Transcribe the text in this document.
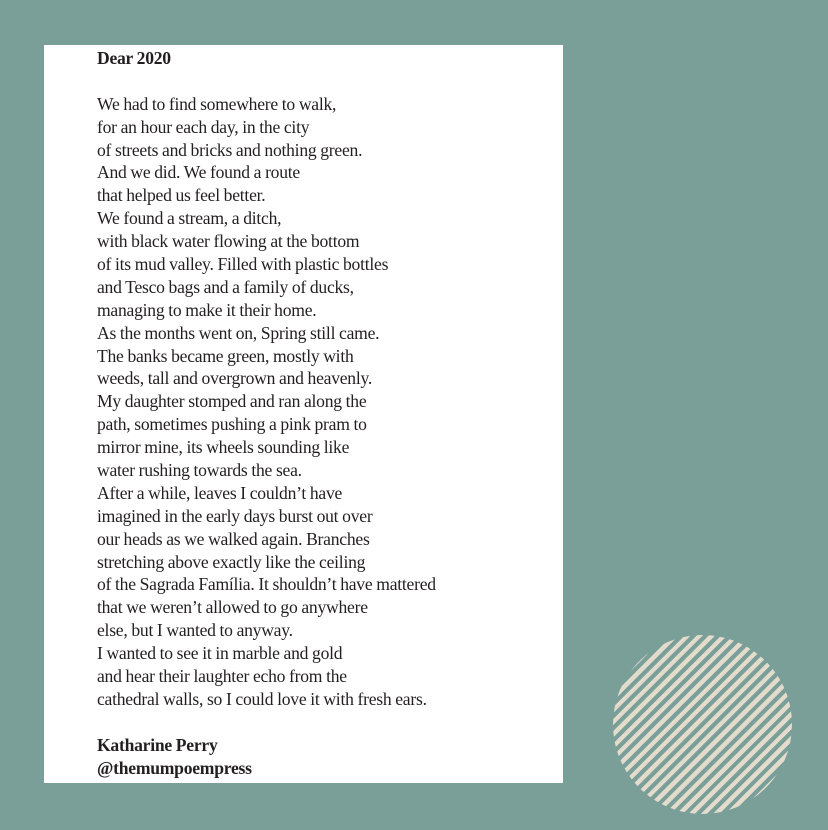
Dear 2020
We had to find somewhere to walk,
for an hour each day, in the city
of streets and bricks and nothing green.
And we did. We found a route
that helped us feel better.
We found a stream, a ditch,
with black water flowing at the bottom
of its mud valley. Filled with plastic bottles
and Tesco bags and a family of ducks,
managing to make it their home.
As the months went on, Spring still came.
The banks became green, mostly with
weeds, tall and overgrown and heavenly.
My daughter stomped and ran along the
path, sometimes pushing a pink pram to
mirror mine, its wheels sounding like
water rushing towards the sea.
After a while, leaves I couldn’t have
imagined in the early days burst out over
our heads as we walked again. Branches
stretching above exactly like the ceiling
of the Sagrada Família. It shouldn’t have mattered
that we weren’t allowed to go anywhere
else, but I wanted to anyway.
I wanted to see it in marble and gold
and hear their laughter echo from the
cathedral walls, so I could love it with fresh ears.
Katharine Perry
@themumpoempress
